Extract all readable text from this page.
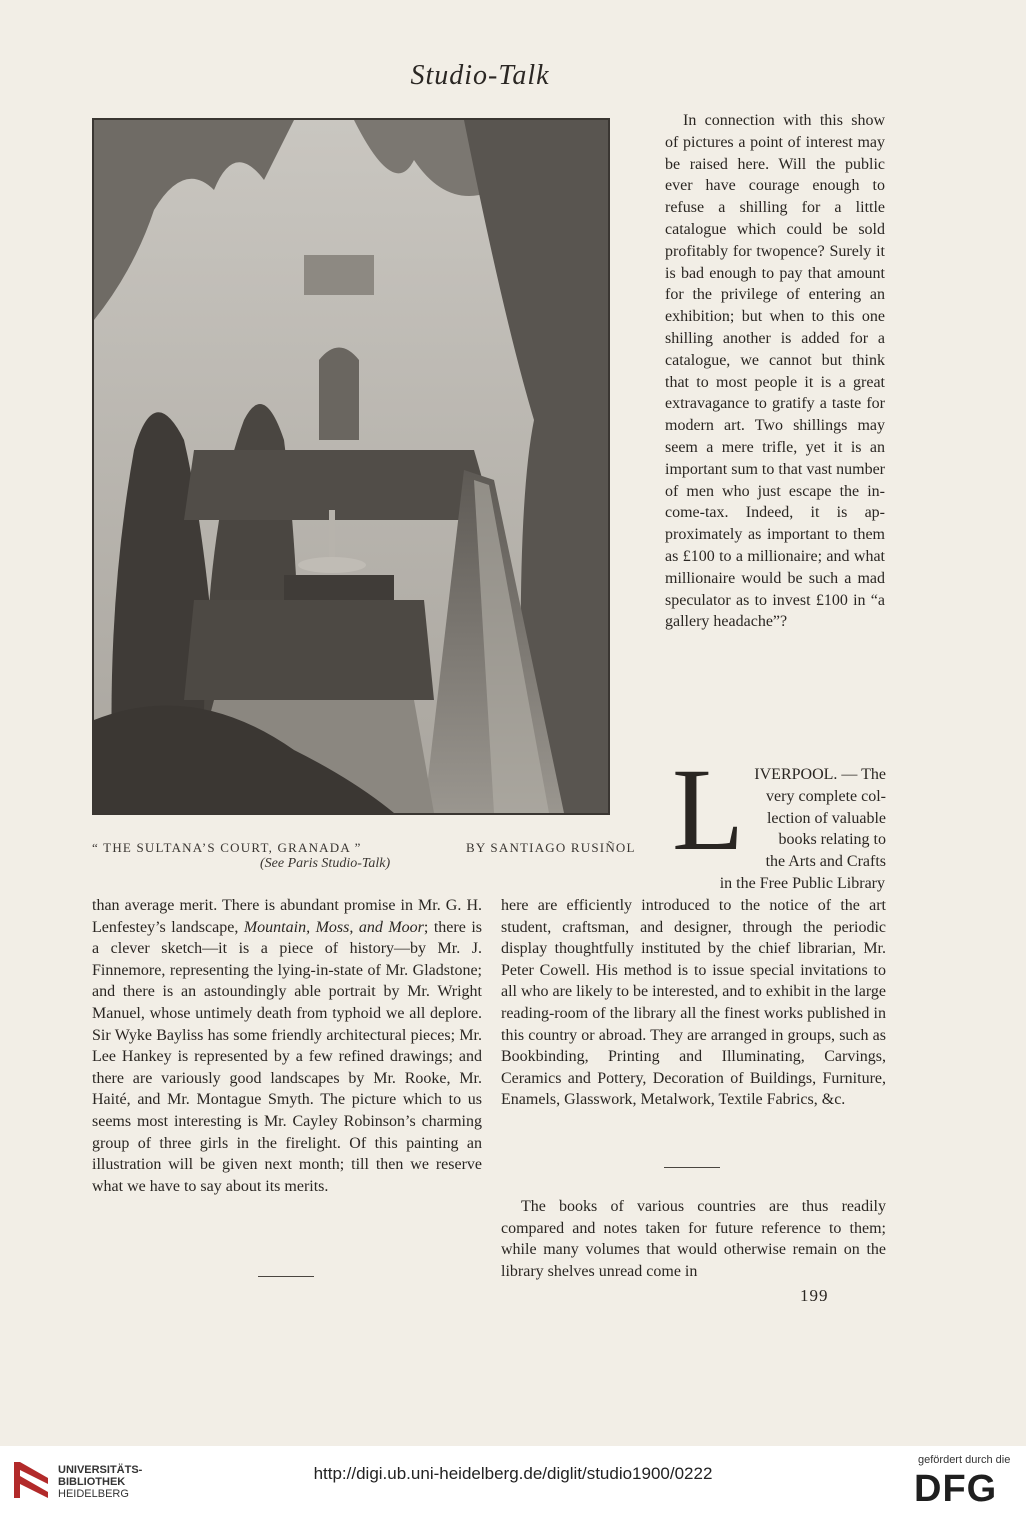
Studio-Talk
“ THE SULTANA’S COURT, GRANADA ”	BY SANTIAGO RUSIÑOL
(See Paris Studio-Talk)

In connection with this show of pictures a point of interest may be raised here. Will the public ever have courage enough to refuse a shilling for a little catalogue which could be sold profitably for twopence? Surely it is bad enough to pay that amount for the privilege of entering an exhibition; but when to this one shilling another is added for a catalogue, we cannot but think that to most people it is a great extravagance to gratify a taste for modern art. Two shillings may seem a mere trifle, yet it is an important sum to that vast number of men who just escape the income-tax. Indeed, it is approximately as important to them as £100 to a millionaire; and what millionaire would be such a mad speculator as to invest £100 in “a gallery headache”?

L IVERPOOL. — The
very complete col-
lection of valuable
books relating to
the Arts and Crafts

in the Free Public Library

than average merit. There is abundant promise in Mr. G. H. Lenfestey’s landscape, Mountain, Moss, and Moor; there is a clever sketch—it is a piece of history—by Mr. J. Finnemore, representing the lying-in-state of Mr. Gladstone; and there is an astoundingly able portrait by Mr. Wright Manuel, whose untimely death from typhoid we all deplore. Sir Wyke Bayliss has some friendly architectural pieces; Mr. Lee Hankey is represented by a few refined drawings; and there are variously good landscapes by Mr. Rooke, Mr. Haité, and Mr. Montague Smyth. The picture which to us seems most interesting is Mr. Cayley Robinson’s charming group of three girls in the firelight. Of this painting an illustration will be given next month; till then we reserve what we have to say about its merits.

here are efficiently introduced to the notice of the art student, craftsman, and designer, through the periodic display thoughtfully instituted by the chief librarian, Mr. Peter Cowell. His method is to issue special invitations to all who are likely to be interested, and to exhibit in the large reading-room of the library all the finest works published in this country or abroad. They are arranged in groups, such as Bookbinding, Printing and Illuminating, Carvings, Ceramics and Pottery, Decoration of Buildings, Furniture, Enamels, Glasswork, Metalwork, Textile Fabrics, &c.

The books of various countries are thus readily compared and notes taken for future reference to them; while many volumes that would otherwise remain on the library shelves unread come in

199
UNIVERSITÄTS-
BIBLIOTHEK
HEIDELBERG
http://digi.ub.uni-heidelberg.de/diglit/studio1900/0222
gefördert durch die
DFG
